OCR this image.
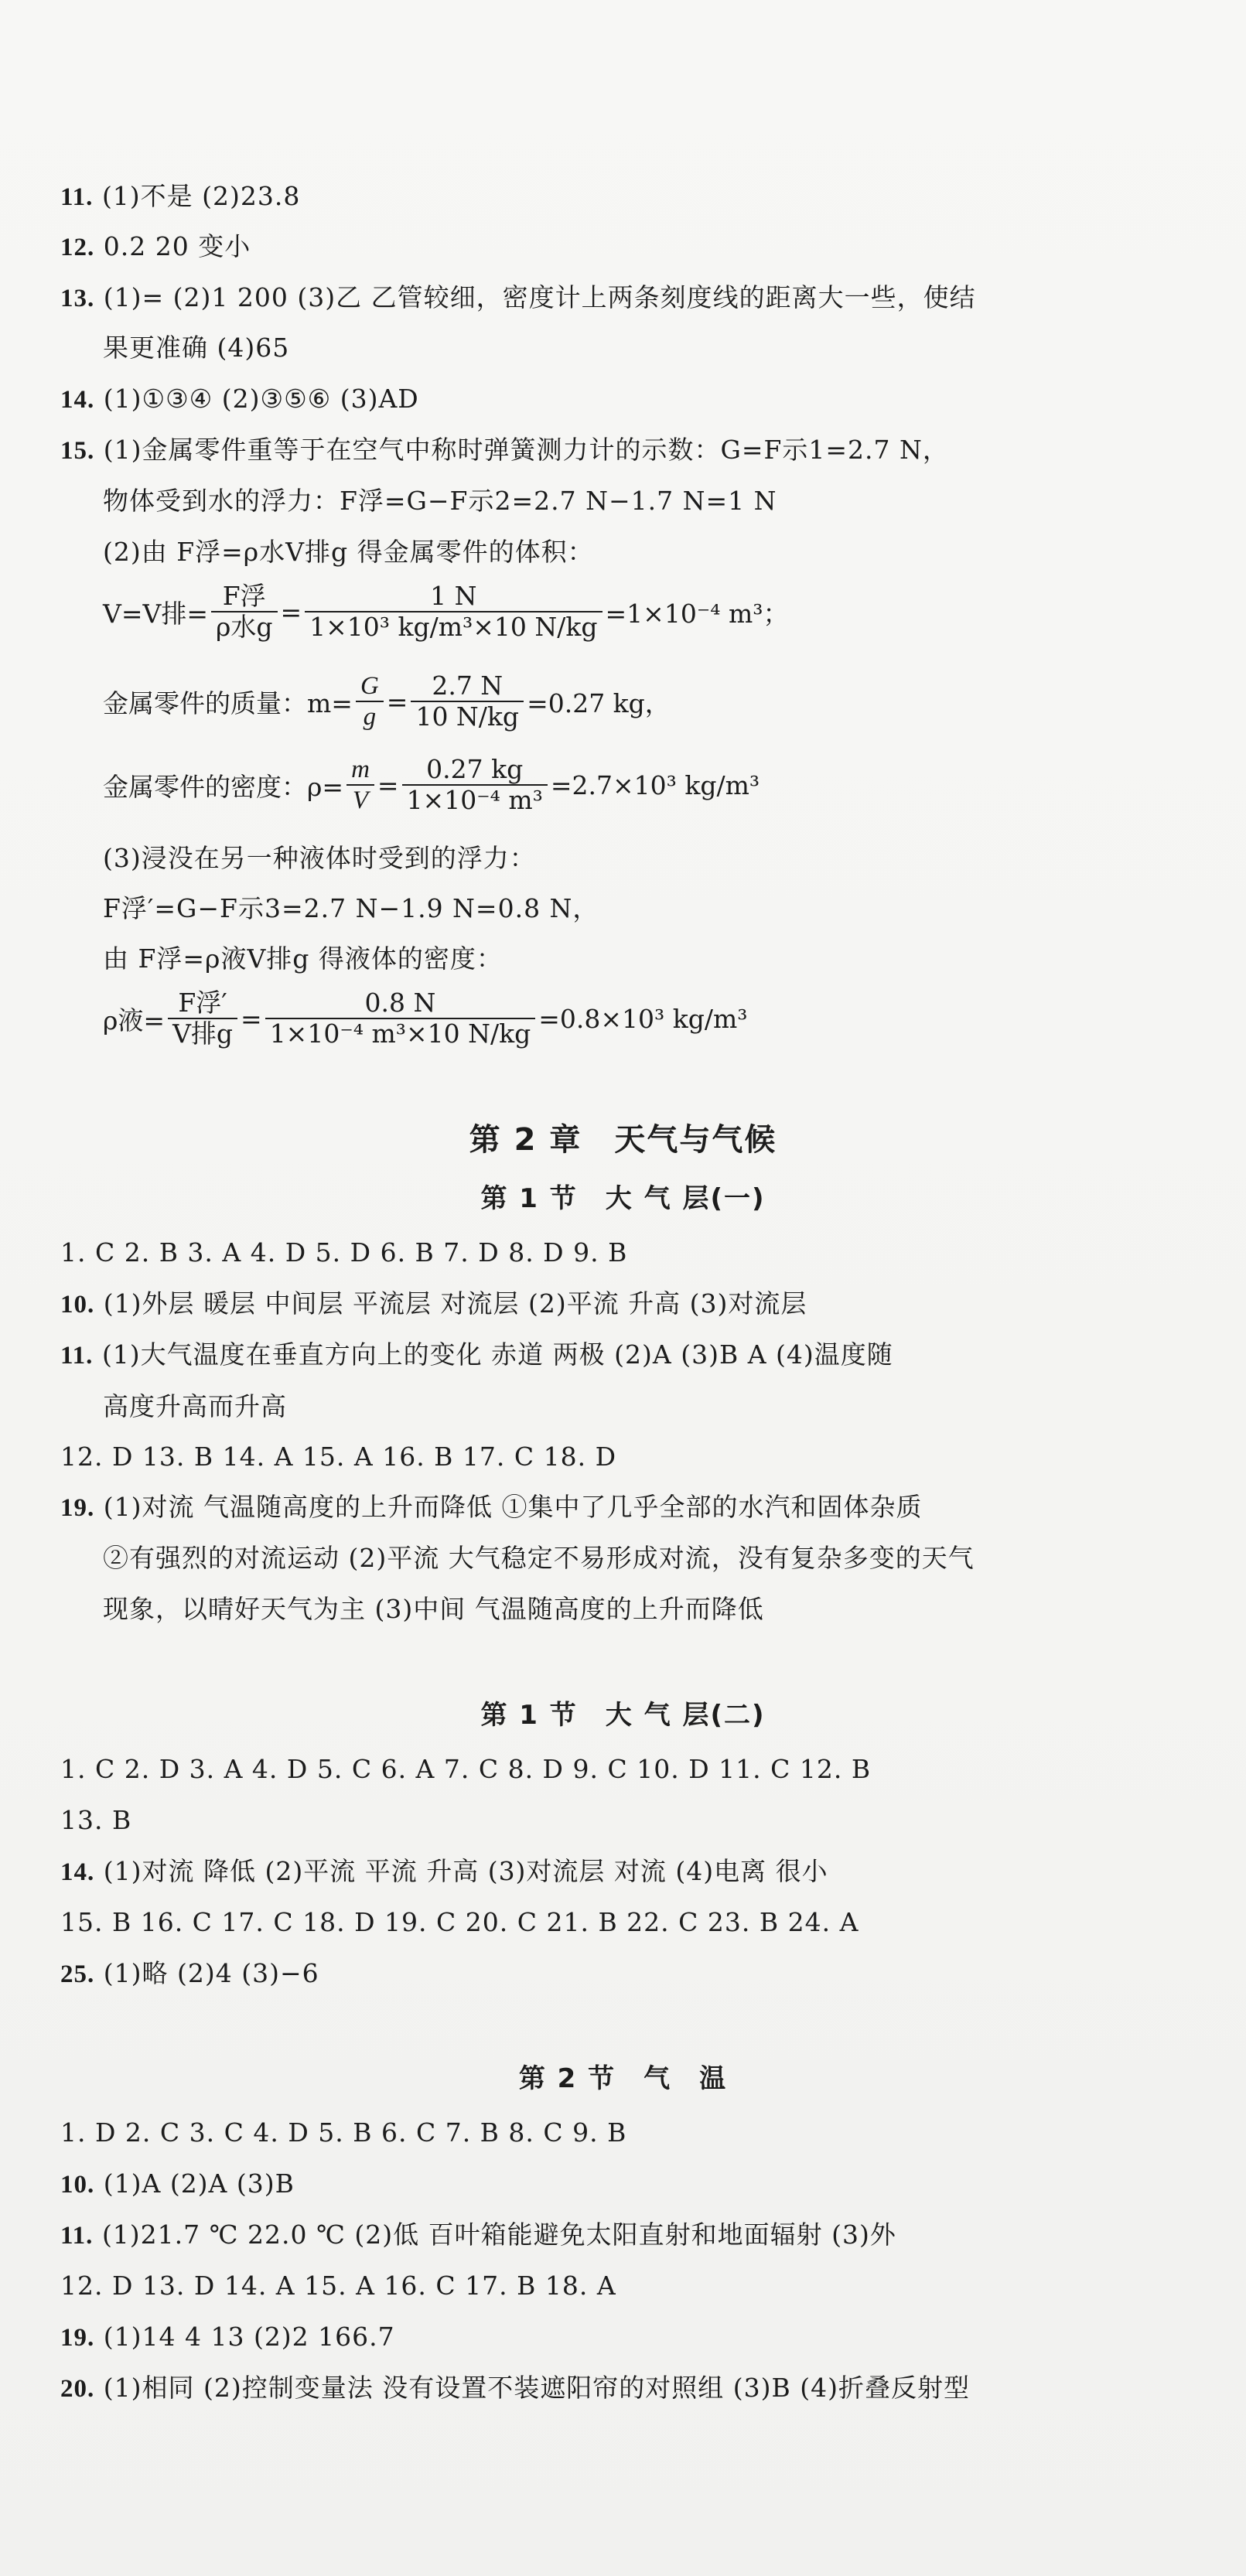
11. (1)不是 (2)23.8
12. 0.2 20 变小
13. (1)= (2)1 200 (3)乙 乙管较细，密度计上两条刻度线的距离大一些，使结
果更准确 (4)65
14. (1)①③④ (2)③⑤⑥ (3)AD
15. (1)金属零件重等于在空气中称时弹簧测力计的示数：G=F示1=2.7 N，
物体受到水的浮力：F浮=G−F示2=2.7 N−1.7 N=1 N
(2)由 F浮=ρ水V排g 得金属零件的体积：
V=V排= $\frac{\text{F浮}}{\text{ρ水g}} = \frac{1 N}{\text{1×10³ kg/m³×10 N/kg}} =1\times 10^{-4}$ m³；
金属零件的质量：$m= \frac{G}{g} = \frac{2.7 N}{10 N/kg} =0.27$ kg，
金属零件的密度：$\rho= \frac{m}{V} = \frac{0.27 kg}{\text{1×10⁻⁴ m³}} =2.7\times 10^3$ kg/m³
(3)浸没在另一种液体时受到的浮力：
F浮′=G−F示3=2.7 N−1.9 N=0.8 N，
由 F浮=ρ液V排g 得液体的密度：
ρ液= $\frac{\text{F浮′}}{\text{V排g}} = \frac{0.8 N}{\text{1×10⁻⁴ m³×10 N/kg}} =0.8\times 10^3$ kg/m³
第 2 章　天气与气候
第 1 节　大 气 层(一)
1. C 2. B 3. A 4. D 5. D 6. B 7. D 8. D 9. B
10. (1)外层 暖层 中间层 平流层 对流层 (2)平流 升高 (3)对流层
11. (1)大气温度在垂直方向上的变化 赤道 两极 (2)A (3)B A (4)温度随
高度升高而升高
12. D 13. B 14. A 15. A 16. B 17. C 18. D
19. (1)对流 气温随高度的上升而降低 ①集中了几乎全部的水汽和固体杂质
②有强烈的对流运动 (2)平流 大气稳定不易形成对流，没有复杂多变的天气
现象，以晴好天气为主 (3)中间 气温随高度的上升而降低
第 1 节　大 气 层(二)
1. C 2. D 3. A 4. D 5. C 6. A 7. C 8. D 9. C 10. D 11. C 12. B
13. B
14. (1)对流 降低 (2)平流 平流 升高 (3)对流层 对流 (4)电离 很小
15. B 16. C 17. C 18. D 19. C 20. C 21. B 22. C 23. B 24. A
25. (1)略 (2)4 (3)−6
第 2 节　气　温
1. D 2. C 3. C 4. D 5. B 6. C 7. B 8. C 9. B
10. (1)A (2)A (3)B
11. (1)21.7 ℃ 22.0 ℃ (2)低 百叶箱能避免太阳直射和地面辐射 (3)外
12. D 13. D 14. A 15. A 16. C 17. B 18. A
19. (1)14 4 13 (2)2 166.7
20. (1)相同 (2)控制变量法 没有设置不装遮阳帘的对照组 (3)B (4)折叠反射型
